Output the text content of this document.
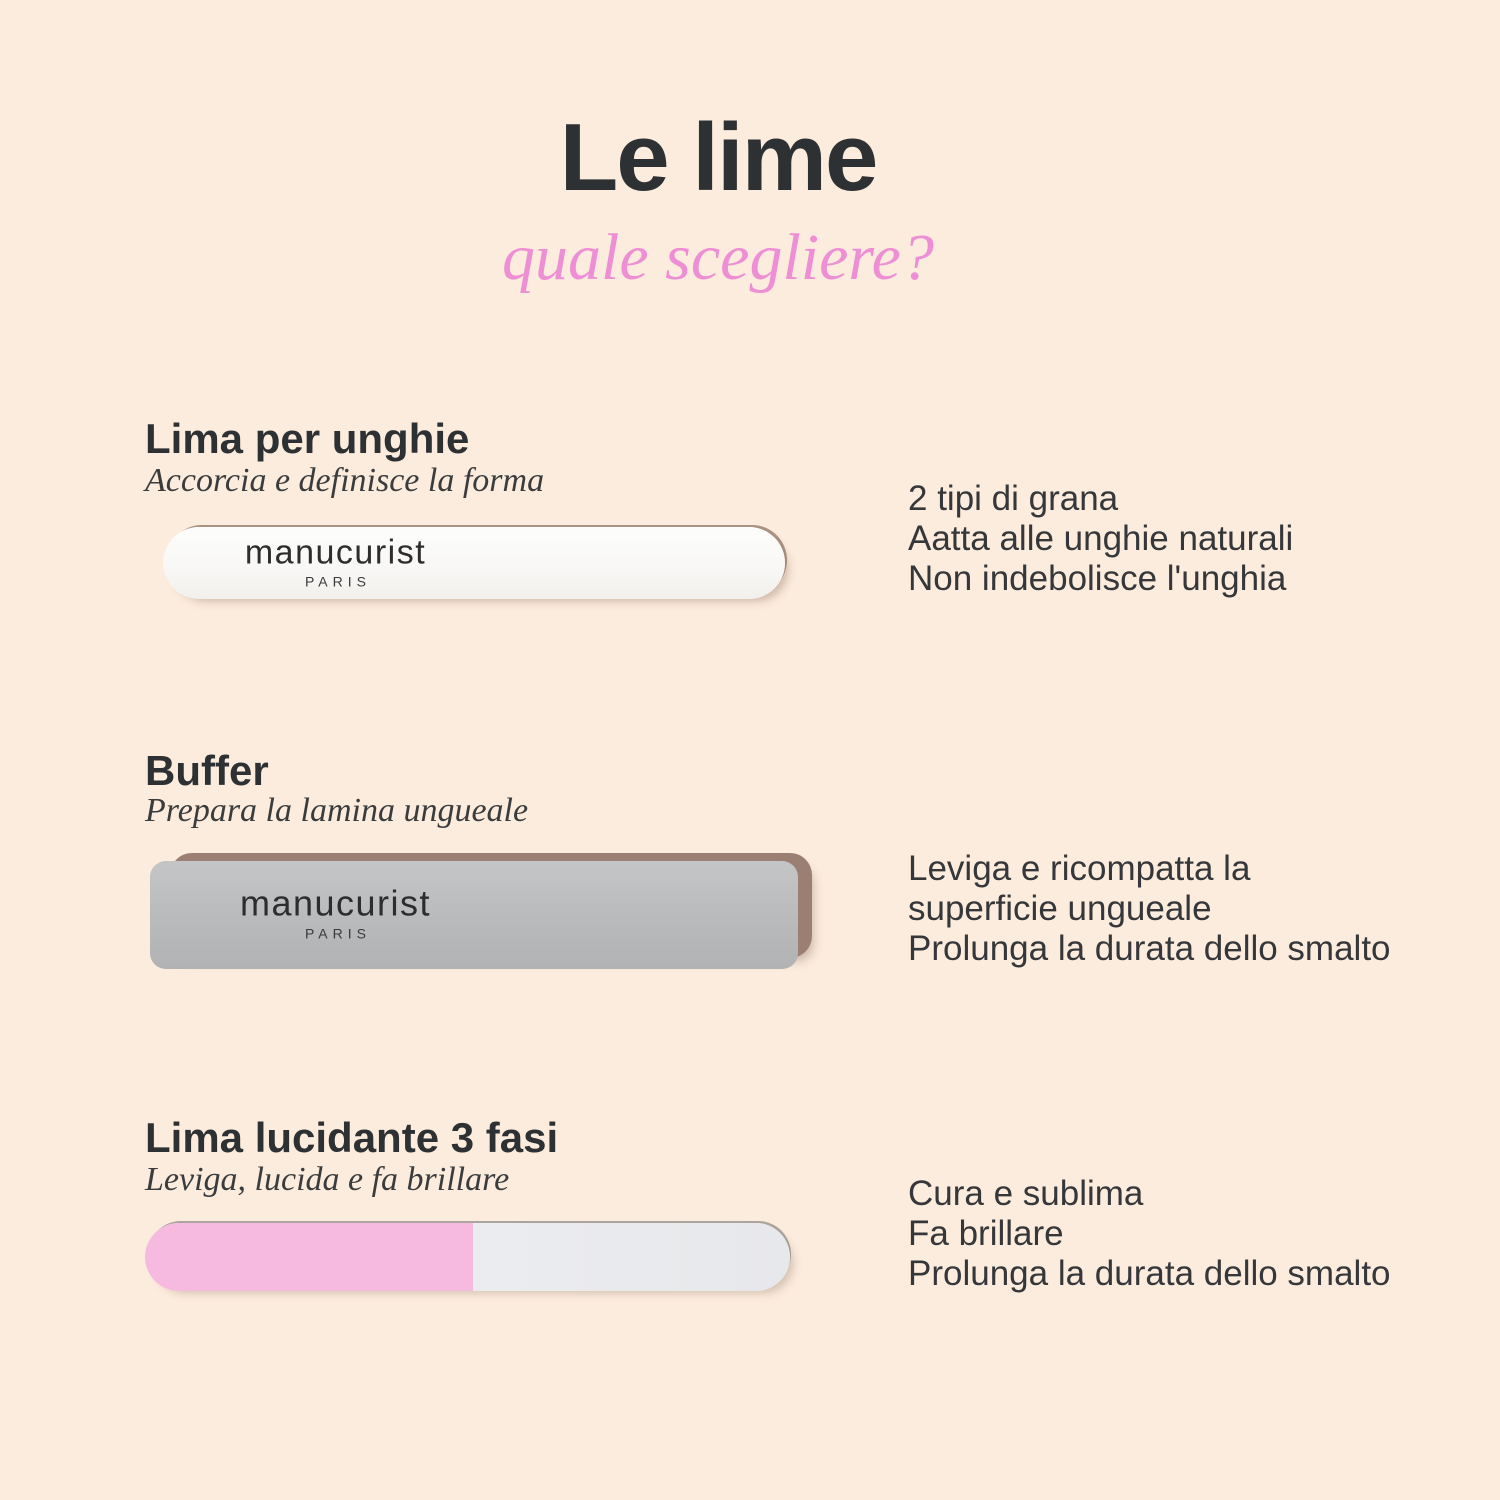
Le lime
quale scegliere?
Lima per unghie
Accorcia e definisce la forma
manucurist
PARIS
2 tipi di grana
Aatta alle unghie naturali
Non indebolisce l'unghia
Buffer
Prepara la lamina ungueale
manucurist
PARIS
Leviga e ricompatta la
superficie ungueale
Prolunga la durata dello smalto
Lima lucidante 3 fasi
Leviga, lucida e fa brillare	Cura e sublima
Fa brillare
Prolunga la durata dello smalto
